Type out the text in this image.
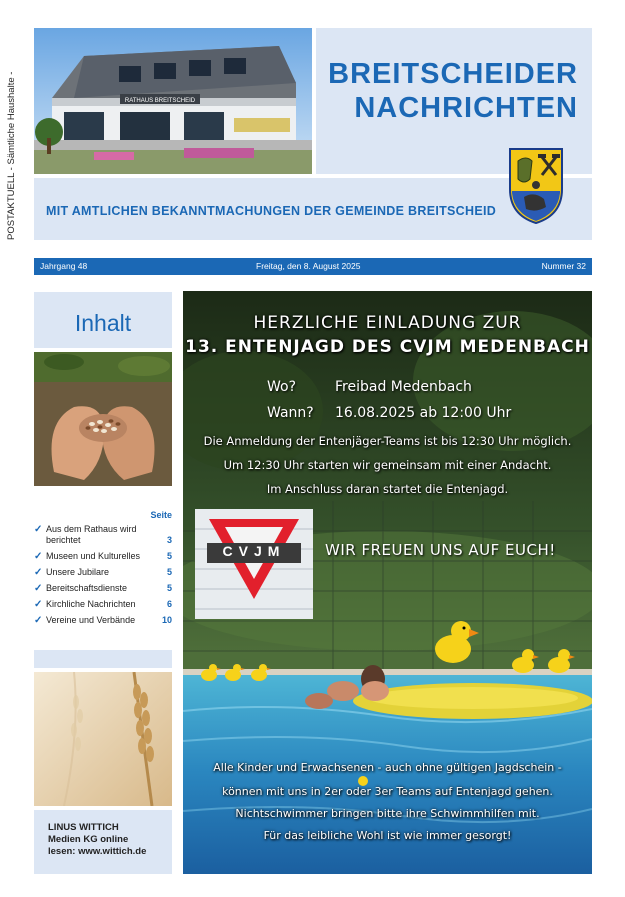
POSTAKTUELL - Sämtliche Haushalte -	RATHAUS BREITSCHEID
BREITSCHEIDER
NACHRICHTEN
MIT AMTLICHEN BEKANNTMACHUNGEN DER GEMEINDE BREITSCHEID
Jahrgang 48	Freitag, den 8. August 2025	Nummer 32
Inhalt
Seite
✓ Aus dem Rathaus wird berichtet	3
✓ Museen und Kulturelles	5
✓ Unsere Jubilare	5
✓ Bereitschaftsdienste	5
✓ Kirchliche Nachrichten	6
✓ Vereine und Verbände	10
LINUS WITTICH
Medien KG online
lesen: www.wittich.de
CVJM
HERZLICHE EINLADUNG ZUR
13. ENTENJAGD DES CVJM MEDENBACH
Wo?	Freibad Medenbach
Wann? 16.08.2025 ab 12:00 Uhr
Die Anmeldung der Entenjäger-Teams ist bis 12:30 Uhr möglich.
Um 12:30 Uhr starten wir gemeinsam mit einer Andacht.
Im Anschluss daran startet die Entenjagd.
WIR FREUEN UNS AUF EUCH!
Alle Kinder und Erwachsenen - auch ohne gültigen Jagdschein -
können mit uns in 2er oder 3er Teams auf Entenjagd gehen.
Nichtschwimmer bringen bitte ihre Schwimmhilfen mit.
Für das leibliche Wohl ist wie immer gesorgt!
